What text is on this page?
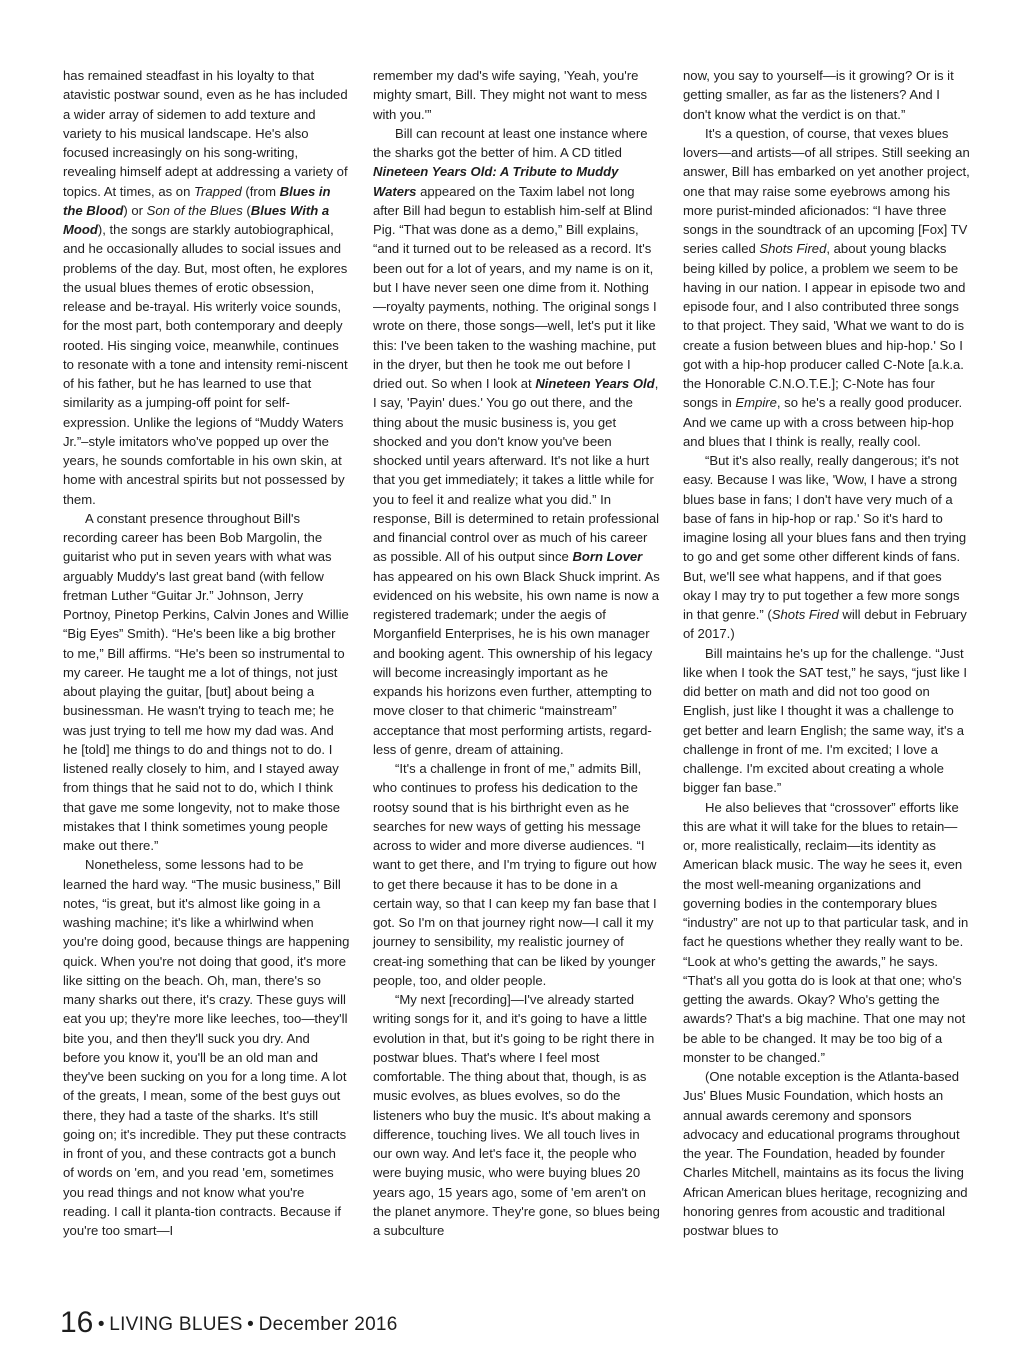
has remained steadfast in his loyalty to that atavistic postwar sound, even as he has included a wider array of sidemen to add texture and variety to his musical landscape. He's also focused increasingly on his song-writing, revealing himself adept at addressing a variety of topics. At times, as on Trapped (from Blues in the Blood) or Son of the Blues (Blues With a Mood), the songs are starkly autobiographical, and he occasionally alludes to social issues and problems of the day. But, most often, he explores the usual blues themes of erotic obsession, release and be-trayal. His writerly voice sounds, for the most part, both contemporary and deeply rooted. His singing voice, meanwhile, continues to resonate with a tone and intensity remi-niscent of his father, but he has learned to use that similarity as a jumping-off point for self-expression. Unlike the legions of “Muddy Waters Jr.”–style imitators who've popped up over the years, he sounds comfortable in his own skin, at home with ancestral spirits but not possessed by them.

A constant presence throughout Bill's recording career has been Bob Margolin, the guitarist who put in seven years with what was arguably Muddy's last great band (with fellow fretman Luther “Guitar Jr.” Johnson, Jerry Portnoy, Pinetop Perkins, Calvin Jones and Willie “Big Eyes” Smith). “He's been like a big brother to me,” Bill affirms. “He's been so instrumental to my career. He taught me a lot of things, not just about playing the guitar, [but] about being a businessman. He wasn't trying to teach me; he was just trying to tell me how my dad was. And he [told] me things to do and things not to do. I listened really closely to him, and I stayed away from things that he said not to do, which I think that gave me some longevity, not to make those mistakes that I think sometimes young people make out there.”

Nonetheless, some lessons had to be learned the hard way. “The music business,” Bill notes, “is great, but it's almost like going in a washing machine; it's like a whirlwind when you're doing good, because things are happening quick. When you're not doing that good, it's more like sitting on the beach. Oh, man, there's so many sharks out there, it's crazy. These guys will eat you up; they're more like leeches, too—they'll bite you, and then they'll suck you dry. And before you know it, you'll be an old man and they've been sucking on you for a long time. A lot of the greats, I mean, some of the best guys out there, they had a taste of the sharks. It's still going on; it's incredible. They put these contracts in front of you, and these contracts got a bunch of words on 'em, and you read 'em, sometimes you read things and not know what you're reading. I call it planta-tion contracts. Because if you're too smart—I

remember my dad's wife saying, 'Yeah, you're mighty smart, Bill. They might not want to mess with you.'”

Bill can recount at least one instance where the sharks got the better of him. A CD titled Nineteen Years Old: A Tribute to Muddy Waters appeared on the Taxim label not long after Bill had begun to establish him-self at Blind Pig. “That was done as a demo,” Bill explains, “and it turned out to be released as a record. It's been out for a lot of years, and my name is on it, but I have never seen one dime from it. Nothing—royalty payments, nothing. The original songs I wrote on there, those songs—well, let's put it like this: I've been taken to the washing machine, put in the dryer, but then he took me out before I dried out. So when I look at Nineteen Years Old, I say, 'Payin' dues.' You go out there, and the thing about the music business is, you get shocked and you don't know you've been shocked until years afterward. It's not like a hurt that you get immediately; it takes a little while for you to feel it and realize what you did.” In response, Bill is determined to retain professional and financial control over as much of his career as possible. All of his output since Born Lover has appeared on his own Black Shuck imprint. As evidenced on his website, his own name is now a registered trademark; under the aegis of Morganfield Enterprises, he is his own manager and booking agent. This ownership of his legacy will become increasingly important as he expands his horizons even further, attempting to move closer to that chimeric “mainstream” acceptance that most performing artists, regard-less of genre, dream of attaining.

“It's a challenge in front of me,” admits Bill, who continues to profess his dedication to the rootsy sound that is his birthright even as he searches for new ways of getting his message across to wider and more diverse audiences. “I want to get there, and I'm trying to figure out how to get there because it has to be done in a certain way, so that I can keep my fan base that I got. So I'm on that journey right now—I call it my journey to sensibility, my realistic journey of creat-ing something that can be liked by younger people, too, and older people.

“My next [recording]—I've already started writing songs for it, and it's going to have a little evolution in that, but it's going to be right there in postwar blues. That's where I feel most comfortable. The thing about that, though, is as music evolves, as blues evolves, so do the listeners who buy the music. It's about making a difference, touching lives. We all touch lives in our own way. And let's face it, the people who were buying music, who were buying blues 20 years ago, 15 years ago, some of 'em aren't on the planet anymore. They're gone, so blues being a subculture

now, you say to yourself—is it growing? Or is it getting smaller, as far as the listeners? And I don't know what the verdict is on that.”

It's a question, of course, that vexes blues lovers—and artists—of all stripes. Still seeking an answer, Bill has embarked on yet another project, one that may raise some eyebrows among his more purist-minded aficionados: “I have three songs in the soundtrack of an upcoming [Fox] TV series called Shots Fired, about young blacks being killed by police, a problem we seem to be having in our nation. I appear in episode two and episode four, and I also contributed three songs to that project. They said, 'What we want to do is create a fusion between blues and hip-hop.' So I got with a hip-hop producer called C-Note [a.k.a. the Honorable C.N.O.T.E.]; C-Note has four songs in Empire, so he's a really good producer. And we came up with a cross between hip-hop and blues that I think is really, really cool.

“But it's also really, really dangerous; it's not easy. Because I was like, 'Wow, I have a strong blues base in fans; I don't have very much of a base of fans in hip-hop or rap.' So it's hard to imagine losing all your blues fans and then trying to go and get some other different kinds of fans. But, we'll see what happens, and if that goes okay I may try to put together a few more songs in that genre.” (Shots Fired will debut in February of 2017.)

Bill maintains he's up for the challenge. “Just like when I took the SAT test,” he says, “just like I did better on math and did not too good on English, just like I thought it was a challenge to get better and learn English; the same way, it's a challenge in front of me. I'm excited; I love a challenge. I'm excited about creating a whole bigger fan base.”

He also believes that “crossover” efforts like this are what it will take for the blues to retain—or, more realistically, reclaim—its identity as American black music. The way he sees it, even the most well-meaning organizations and governing bodies in the contemporary blues “industry” are not up to that particular task, and in fact he questions whether they really want to be. “Look at who's getting the awards,” he says. “That's all you gotta do is look at that one; who's getting the awards. Okay? Who's getting the awards? That's a big machine. That one may not be able to be changed. It may be too big of a monster to be changed.”

(One notable exception is the Atlanta-based Jus' Blues Music Foundation, which hosts an annual awards ceremony and sponsors advocacy and educational programs throughout the year. The Foundation, headed by founder Charles Mitchell, maintains as its focus the living African American blues heritage, recognizing and honoring genres from acoustic and traditional postwar blues to

16 • LIVING BLUES • December 2016
